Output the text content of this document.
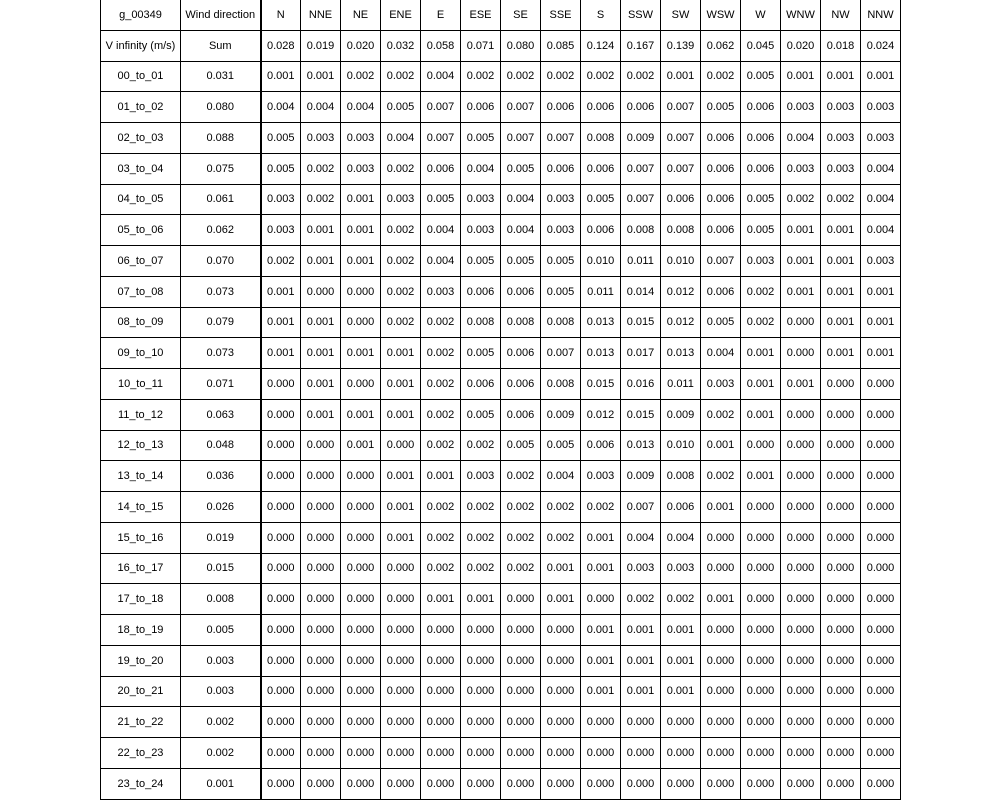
g_00349	Wind direction	N	NNE	NE	ENE	E	ESE	SE	SSE	S	SSW	SW	WSW	W	WNW	NW	NNW
V infinity (m/s)	Sum	0.028	0.019	0.020	0.032	0.058	0.071	0.080	0.085	0.124	0.167	0.139	0.062	0.045	0.020	0.018	0.024
00_to_01	0.031	0.001	0.001	0.002	0.002	0.004	0.002	0.002	0.002	0.002	0.002	0.001	0.002	0.005	0.001	0.001	0.001
01_to_02	0.080	0.004	0.004	0.004	0.005	0.007	0.006	0.007	0.006	0.006	0.006	0.007	0.005	0.006	0.003	0.003	0.003
02_to_03	0.088	0.005	0.003	0.003	0.004	0.007	0.005	0.007	0.007	0.008	0.009	0.007	0.006	0.006	0.004	0.003	0.003
03_to_04	0.075	0.005	0.002	0.003	0.002	0.006	0.004	0.005	0.006	0.006	0.007	0.007	0.006	0.006	0.003	0.003	0.004
04_to_05	0.061	0.003	0.002	0.001	0.003	0.005	0.003	0.004	0.003	0.005	0.007	0.006	0.006	0.005	0.002	0.002	0.004
05_to_06	0.062	0.003	0.001	0.001	0.002	0.004	0.003	0.004	0.003	0.006	0.008	0.008	0.006	0.005	0.001	0.001	0.004
06_to_07	0.070	0.002	0.001	0.001	0.002	0.004	0.005	0.005	0.005	0.010	0.011	0.010	0.007	0.003	0.001	0.001	0.003
07_to_08	0.073	0.001	0.000	0.000	0.002	0.003	0.006	0.006	0.005	0.011	0.014	0.012	0.006	0.002	0.001	0.001	0.001
08_to_09	0.079	0.001	0.001	0.000	0.002	0.002	0.008	0.008	0.008	0.013	0.015	0.012	0.005	0.002	0.000	0.001	0.001
09_to_10	0.073	0.001	0.001	0.001	0.001	0.002	0.005	0.006	0.007	0.013	0.017	0.013	0.004	0.001	0.000	0.001	0.001
10_to_11	0.071	0.000	0.001	0.000	0.001	0.002	0.006	0.006	0.008	0.015	0.016	0.011	0.003	0.001	0.001	0.000	0.000
11_to_12	0.063	0.000	0.001	0.001	0.001	0.002	0.005	0.006	0.009	0.012	0.015	0.009	0.002	0.001	0.000	0.000	0.000
12_to_13	0.048	0.000	0.000	0.001	0.000	0.002	0.002	0.005	0.005	0.006	0.013	0.010	0.001	0.000	0.000	0.000	0.000
13_to_14	0.036	0.000	0.000	0.000	0.001	0.001	0.003	0.002	0.004	0.003	0.009	0.008	0.002	0.001	0.000	0.000	0.000
14_to_15	0.026	0.000	0.000	0.000	0.001	0.002	0.002	0.002	0.002	0.002	0.007	0.006	0.001	0.000	0.000	0.000	0.000
15_to_16	0.019	0.000	0.000	0.000	0.001	0.002	0.002	0.002	0.002	0.001	0.004	0.004	0.000	0.000	0.000	0.000	0.000
16_to_17	0.015	0.000	0.000	0.000	0.000	0.002	0.002	0.002	0.001	0.001	0.003	0.003	0.000	0.000	0.000	0.000	0.000
17_to_18	0.008	0.000	0.000	0.000	0.000	0.001	0.001	0.000	0.001	0.000	0.002	0.002	0.001	0.000	0.000	0.000	0.000
18_to_19	0.005	0.000	0.000	0.000	0.000	0.000	0.000	0.000	0.000	0.001	0.001	0.001	0.000	0.000	0.000	0.000	0.000
19_to_20	0.003	0.000	0.000	0.000	0.000	0.000	0.000	0.000	0.000	0.001	0.001	0.001	0.000	0.000	0.000	0.000	0.000
20_to_21	0.003	0.000	0.000	0.000	0.000	0.000	0.000	0.000	0.000	0.001	0.001	0.001	0.000	0.000	0.000	0.000	0.000
21_to_22	0.002	0.000	0.000	0.000	0.000	0.000	0.000	0.000	0.000	0.000	0.000	0.000	0.000	0.000	0.000	0.000	0.000
22_to_23	0.002	0.000	0.000	0.000	0.000	0.000	0.000	0.000	0.000	0.000	0.000	0.000	0.000	0.000	0.000	0.000	0.000
23_to_24	0.001	0.000	0.000	0.000	0.000	0.000	0.000	0.000	0.000	0.000	0.000	0.000	0.000	0.000	0.000	0.000	0.000
